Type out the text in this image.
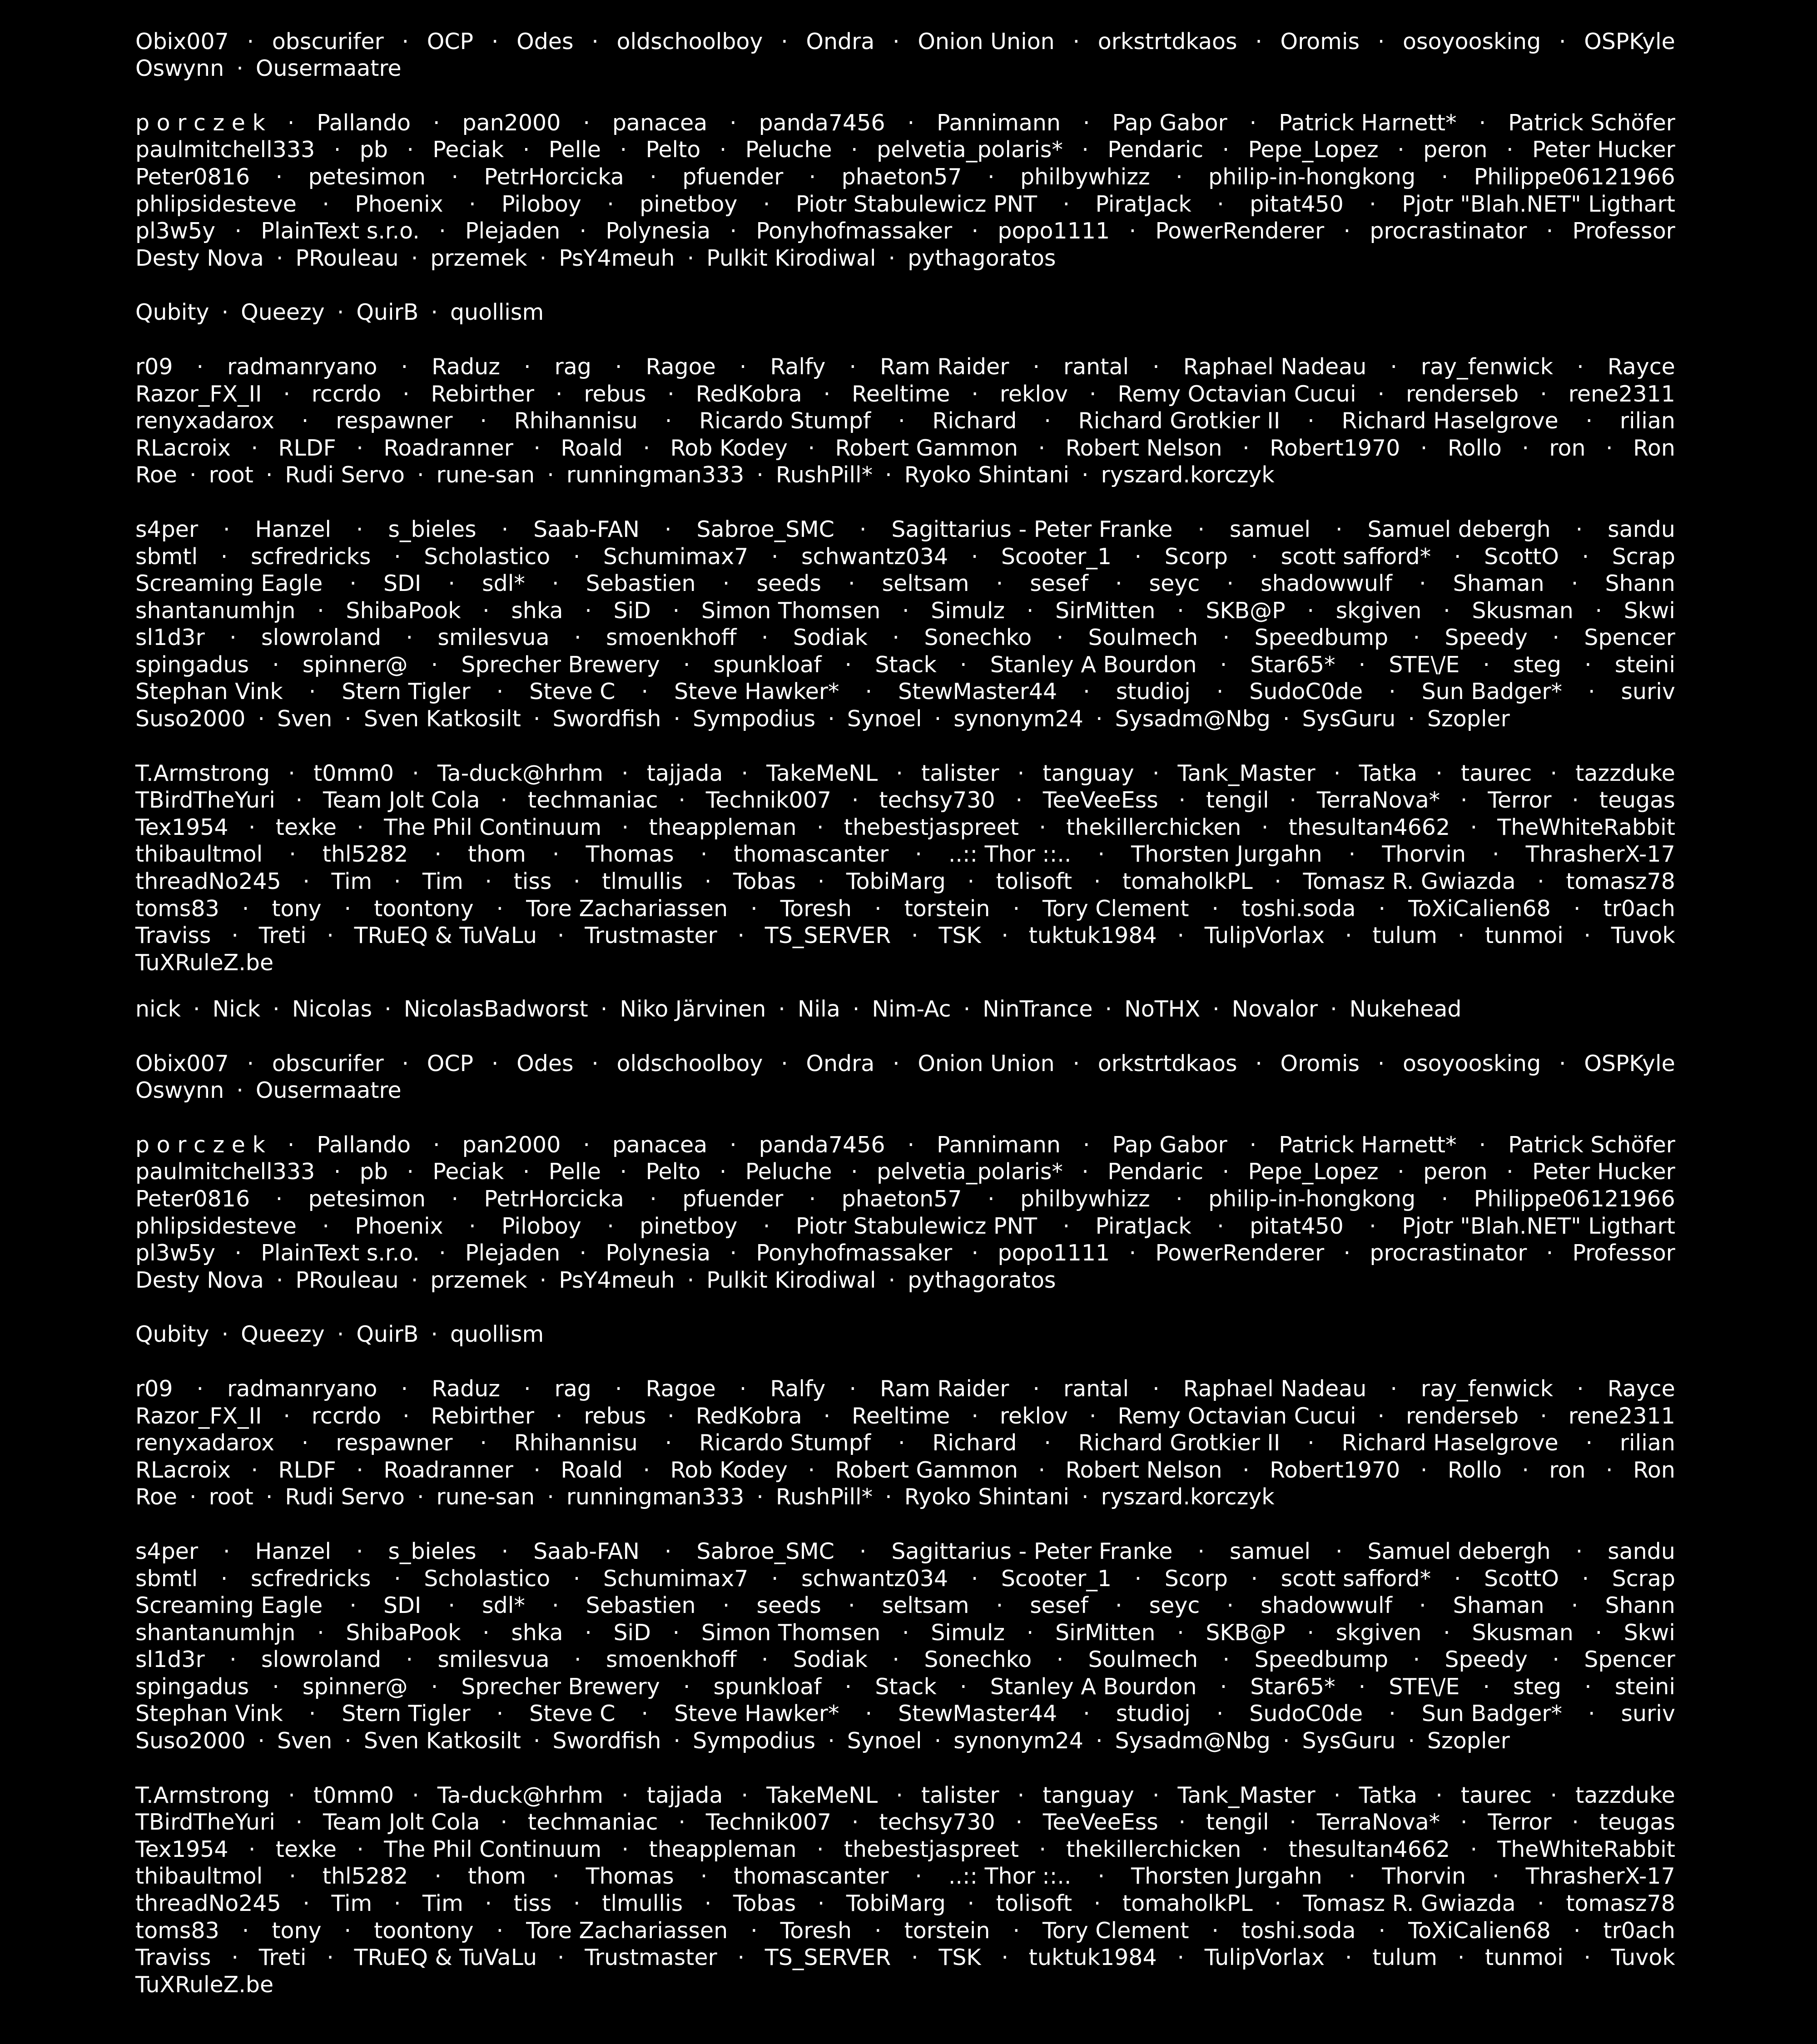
Obix007 · obscurifer · OCP · Odes · oldschoolboy · Ondra · Onion Union · orkstrtdkaos · Oromis · osoyoosking · OSPKyle
Oswynn · Ousermaatre
p o r c z e k · Pallando · pan2000 · panacea · panda7456 · Pannimann · Pap Gabor · Patrick Harnett* · Patrick Schöfer
paulmitchell333 · pb · Peciak · Pelle · Pelto · Peluche · pelvetia_polaris* · Pendaric · Pepe_Lopez · peron · Peter Hucker
Peter0816 · petesimon · PetrHorcicka · pfuender · phaeton57 · philbywhizz · philip-in-hongkong · Philippe06121966
phlipsidesteve · Phoenix · Piloboy · pinetboy · Piotr Stabulewicz PNT · PiratJack · pitat450 · Pjotr "Blah.NET" Ligthart
pl3w5y · PlainText s.r.o. · Plejaden · Polynesia · Ponyhofmassaker · popo1111 · PowerRenderer · procrastinator · Professor
Desty Nova · PRouleau · przemek · PsY4meuh · Pulkit Kirodiwal · pythagoratos
Qubity · Queezy · QuirB · quollism
r09 · radmanryano · Raduz · rag · Ragoe · Ralfy · Ram Raider · rantal · Raphael Nadeau · ray_fenwick · Rayce
Razor_FX_II · rccrdo · Rebirther · rebus · RedKobra · Reeltime · reklov · Remy Octavian Cucui · renderseb · rene2311
renyxadarox · respawner · Rhihannisu · Ricardo Stumpf · Richard · Richard Grotkier II · Richard Haselgrove · rilian
RLacroix · RLDF · Roadranner · Roald · Rob Kodey · Robert Gammon · Robert Nelson · Robert1970 · Rollo · ron · Ron
Roe · root · Rudi Servo · rune-san · runningman333 · RushPill* · Ryoko Shintani · ryszard.korczyk
s4per · Hanzel · s_bieles · Saab-FAN · Sabroe_SMC · Sagittarius - Peter Franke · samuel · Samuel debergh · sandu
sbmtl · scfredricks · Scholastico · Schumimax7 · schwantz034 · Scooter_1 · Scorp · scott safford* · ScottO · Scrap
Screaming Eagle · SDI · sdl* · Sebastien · seeds · seltsam · sesef · seyc · shadowwulf · Shaman · Shann
shantanumhjn · ShibaPook · shka · SiD · Simon Thomsen · Simulz · SirMitten · SKB@P · skgiven · Skusman · Skwi
sl1d3r · slowroland · smilesvua · smoenkhoff · Sodiak · Sonechko · Soulmech · Speedbump · Speedy · Spencer
spingadus · spinner@ · Sprecher Brewery · spunkloaf · Stack · Stanley A Bourdon · Star65* · STE\/E · steg · steini
Stephan Vink · Stern Tigler · Steve C · Steve Hawker* · StewMaster44 · studioj · SudoC0de · Sun Badger* · suriv
Suso2000 · Sven · Sven Katkosilt · Swordfish · Sympodius · Synoel · synonym24 · Sysadm@Nbg · SysGuru · Szopler
T.Armstrong · t0mm0 · Ta-duck@hrhm · tajjada · TakeMeNL · talister · tanguay · Tank_Master · Tatka · taurec · tazzduke
TBirdTheYuri · Team Jolt Cola · techmaniac · Technik007 · techsy730 · TeeVeeEss · tengil · TerraNova* · Terror · teugas
Tex1954 · texke · The Phil Continuum · theappleman · thebestjaspreet · thekillerchicken · thesultan4662 · TheWhiteRabbit
thibaultmol · thl5282 · thom · Thomas · thomascanter · ..:: Thor ::.. · Thorsten Jurgahn · Thorvin · ThrasherX-17
threadNo245 · Tim · Tim · tiss · tlmullis · Tobas · TobiMarg · tolisoft · tomaholkPL · Tomasz R. Gwiazda · tomasz78
toms83 · tony · toontony · Tore Zachariassen · Toresh · torstein · Tory Clement · toshi.soda · ToXiCalien68 · tr0ach
Traviss · Treti · TRuEQ & TuVaLu · Trustmaster · TS_SERVER · TSK · tuktuk1984 · TulipVorlax · tulum · tunmoi · Tuvok
TuXRuleZ.be
nick · Nick · Nicolas · NicolasBadworst · Niko Järvinen · Nila · Nim-Ac · NinTrance · NoTHX · Novalor · Nukehead
Obix007 · obscurifer · OCP · Odes · oldschoolboy · Ondra · Onion Union · orkstrtdkaos · Oromis · osoyoosking · OSPKyle
Oswynn · Ousermaatre
p o r c z e k · Pallando · pan2000 · panacea · panda7456 · Pannimann · Pap Gabor · Patrick Harnett* · Patrick Schöfer
paulmitchell333 · pb · Peciak · Pelle · Pelto · Peluche · pelvetia_polaris* · Pendaric · Pepe_Lopez · peron · Peter Hucker
Peter0816 · petesimon · PetrHorcicka · pfuender · phaeton57 · philbywhizz · philip-in-hongkong · Philippe06121966
phlipsidesteve · Phoenix · Piloboy · pinetboy · Piotr Stabulewicz PNT · PiratJack · pitat450 · Pjotr "Blah.NET" Ligthart
pl3w5y · PlainText s.r.o. · Plejaden · Polynesia · Ponyhofmassaker · popo1111 · PowerRenderer · procrastinator · Professor
Desty Nova · PRouleau · przemek · PsY4meuh · Pulkit Kirodiwal · pythagoratos
Qubity · Queezy · QuirB · quollism
r09 · radmanryano · Raduz · rag · Ragoe · Ralfy · Ram Raider · rantal · Raphael Nadeau · ray_fenwick · Rayce
Razor_FX_II · rccrdo · Rebirther · rebus · RedKobra · Reeltime · reklov · Remy Octavian Cucui · renderseb · rene2311
renyxadarox · respawner · Rhihannisu · Ricardo Stumpf · Richard · Richard Grotkier II · Richard Haselgrove · rilian
RLacroix · RLDF · Roadranner · Roald · Rob Kodey · Robert Gammon · Robert Nelson · Robert1970 · Rollo · ron · Ron
Roe · root · Rudi Servo · rune-san · runningman333 · RushPill* · Ryoko Shintani · ryszard.korczyk
s4per · Hanzel · s_bieles · Saab-FAN · Sabroe_SMC · Sagittarius - Peter Franke · samuel · Samuel debergh · sandu
sbmtl · scfredricks · Scholastico · Schumimax7 · schwantz034 · Scooter_1 · Scorp · scott safford* · ScottO · Scrap
Screaming Eagle · SDI · sdl* · Sebastien · seeds · seltsam · sesef · seyc · shadowwulf · Shaman · Shann
shantanumhjn · ShibaPook · shka · SiD · Simon Thomsen · Simulz · SirMitten · SKB@P · skgiven · Skusman · Skwi
sl1d3r · slowroland · smilesvua · smoenkhoff · Sodiak · Sonechko · Soulmech · Speedbump · Speedy · Spencer
spingadus · spinner@ · Sprecher Brewery · spunkloaf · Stack · Stanley A Bourdon · Star65* · STE\/E · steg · steini
Stephan Vink · Stern Tigler · Steve C · Steve Hawker* · StewMaster44 · studioj · SudoC0de · Sun Badger* · suriv
Suso2000 · Sven · Sven Katkosilt · Swordfish · Sympodius · Synoel · synonym24 · Sysadm@Nbg · SysGuru · Szopler
T.Armstrong · t0mm0 · Ta-duck@hrhm · tajjada · TakeMeNL · talister · tanguay · Tank_Master · Tatka · taurec · tazzduke
TBirdTheYuri · Team Jolt Cola · techmaniac · Technik007 · techsy730 · TeeVeeEss · tengil · TerraNova* · Terror · teugas
Tex1954 · texke · The Phil Continuum · theappleman · thebestjaspreet · thekillerchicken · thesultan4662 · TheWhiteRabbit
thibaultmol · thl5282 · thom · Thomas · thomascanter · ..:: Thor ::.. · Thorsten Jurgahn · Thorvin · ThrasherX-17
threadNo245 · Tim · Tim · tiss · tlmullis · Tobas · TobiMarg · tolisoft · tomaholkPL · Tomasz R. Gwiazda · tomasz78
toms83 · tony · toontony · Tore Zachariassen · Toresh · torstein · Tory Clement · toshi.soda · ToXiCalien68 · tr0ach
Traviss · Treti · TRuEQ & TuVaLu · Trustmaster · TS_SERVER · TSK · tuktuk1984 · TulipVorlax · tulum · tunmoi · Tuvok
TuXRuleZ.be
